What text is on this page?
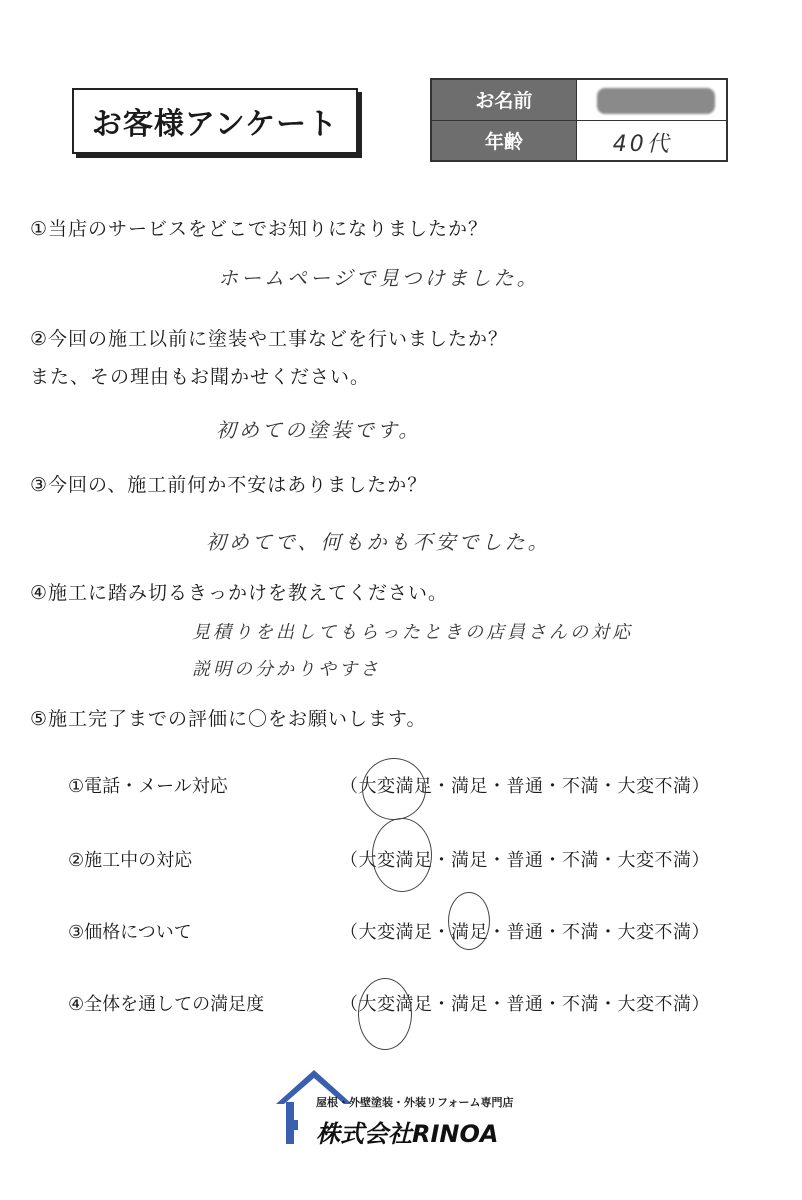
お客様アンケート
お名前	

年齢	40代
①当店のサービスをどこでお知りになりましたか？
ホームページで見つけました。
②今回の施工以前に塗装や工事などを行いましたか？
また、その理由もお聞かせください。
初めての塗装です。
③今回の、施工前何か不安はありましたか？
初めてで、何もかも不安でした。
④施工に踏み切るきっかけを教えてください。
見積りを出してもらったときの店員さんの対応
説明の分かりやすさ
⑤施工完了までの評価に〇をお願いします。
①電話・メール対応	（大変満足・満足・普通・不満・大変不満）
②施工中の対応	（大変満足・満足・普通・不満・大変不満）
③価格について	（大変満足・満足・普通・不満・大変不満）
④全体を通しての満足度	（大変満足・満足・普通・不満・大変不満）
屋根・外壁塗装・外装リフォーム専門店
株式会社RINOA
